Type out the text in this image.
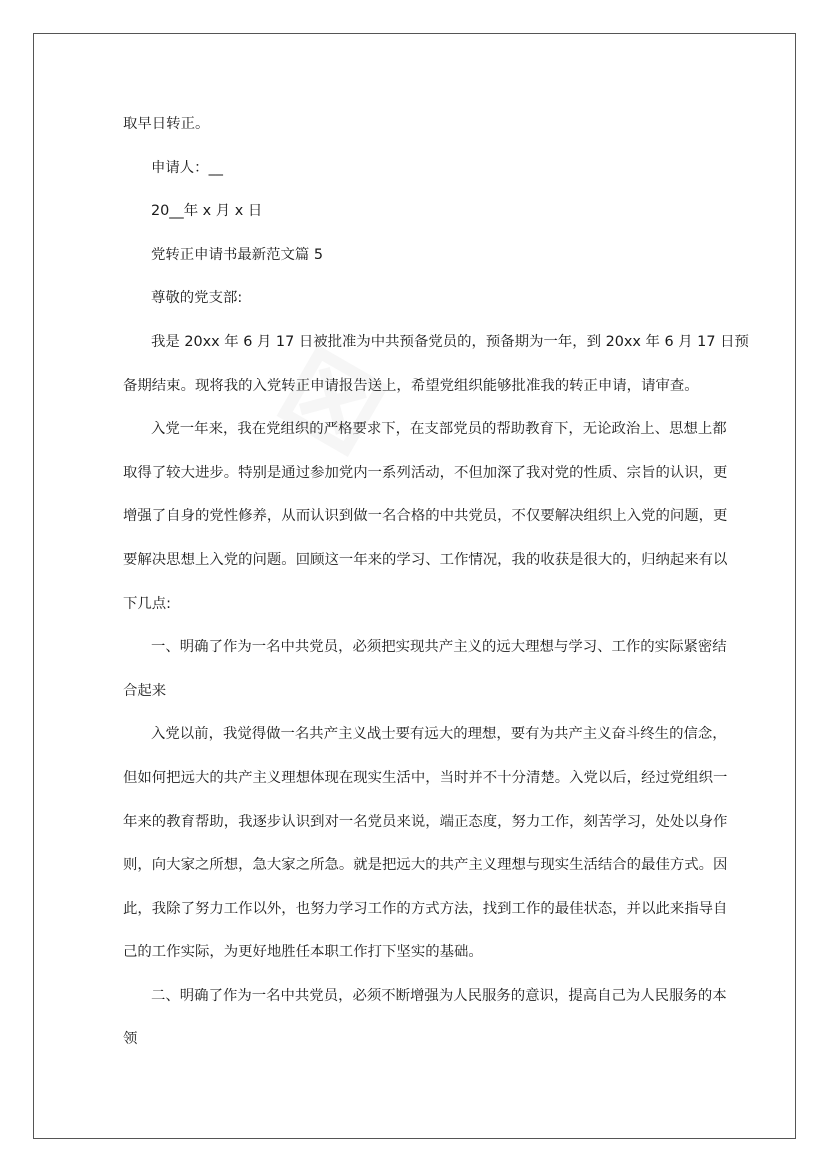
取早日转正。
申请人：__
20__年 x 月 x 日
党转正申请书最新范文篇 5
尊敬的党支部:
我是 20xx 年 6 月 17 日被批准为中共预备党员的，预备期为一年，到 20xx 年 6 月 17 日预
备期结束。现将我的入党转正申请报告送上，希望党组织能够批准我的转正申请，请审查。
入党一年来，我在党组织的严格要求下，在支部党员的帮助教育下，无论政治上、思想上都
取得了较大进步。特别是通过参加党内一系列活动，不但加深了我对党的性质、宗旨的认识，更
增强了自身的党性修养，从而认识到做一名合格的中共党员，不仅要解决组织上入党的问题，更
要解决思想上入党的问题。回顾这一年来的学习、工作情况，我的收获是很大的，归纳起来有以
下几点:
一、明确了作为一名中共党员，必须把实现共产主义的远大理想与学习、工作的实际紧密结
合起来
入党以前，我觉得做一名共产主义战士要有远大的理想，要有为共产主义奋斗终生的信念，
但如何把远大的共产主义理想体现在现实生活中，当时并不十分清楚。入党以后，经过党组织一
年来的教育帮助，我逐步认识到对一名党员来说，端正态度，努力工作，刻苦学习，处处以身作
则，向大家之所想，急大家之所急。就是把远大的共产主义理想与现实生活结合的最佳方式。因
此，我除了努力工作以外，也努力学习工作的方式方法，找到工作的最佳状态，并以此来指导自
己的工作实际，为更好地胜任本职工作打下坚实的基础。
二、明确了作为一名中共党员，必须不断增强为人民服务的意识，提高自己为人民服务的本
领
